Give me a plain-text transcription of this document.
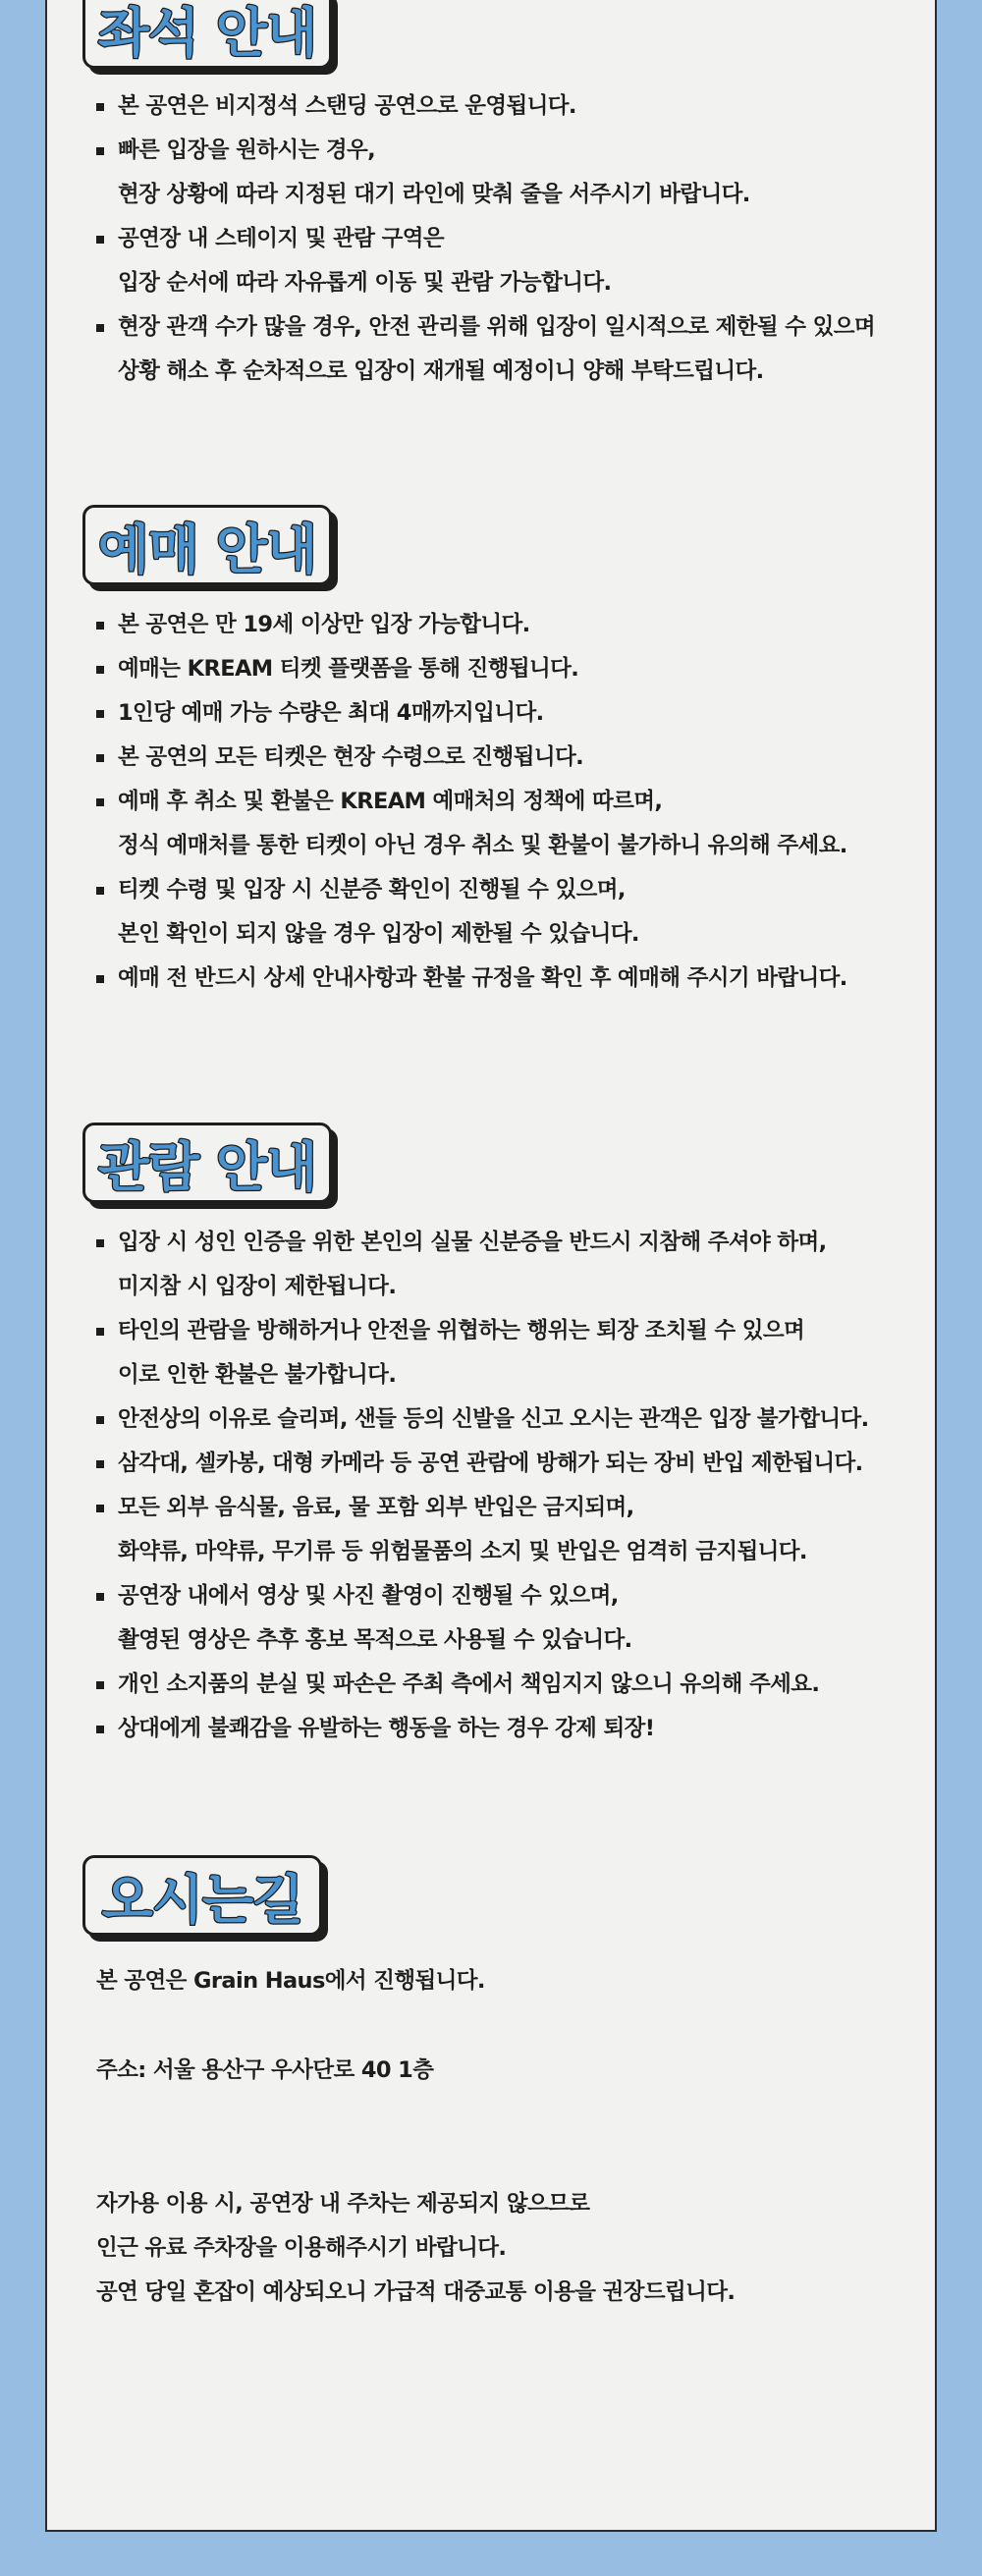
좌석 안내
본 공연은 비지정석 스탠딩 공연으로 운영됩니다.
빠른 입장을 원하시는 경우,
현장 상황에 따라 지정된 대기 라인에 맞춰 줄을 서주시기 바랍니다.
공연장 내 스테이지 및 관람 구역은
입장 순서에 따라 자유롭게 이동 및 관람 가능합니다.
현장 관객 수가 많을 경우, 안전 관리를 위해 입장이 일시적으로 제한될 수 있으며
상황 해소 후 순차적으로 입장이 재개될 예정이니 양해 부탁드립니다.
예매 안내
본 공연은 만 19세 이상만 입장 가능합니다.
예매는 KREAM 티켓 플랫폼을 통해 진행됩니다.
1인당 예매 가능 수량은 최대 4매까지입니다.
본 공연의 모든 티켓은 현장 수령으로 진행됩니다.
예매 후 취소 및 환불은 KREAM 예매처의 정책에 따르며,
정식 예매처를 통한 티켓이 아닌 경우 취소 및 환불이 불가하니 유의해 주세요.
티켓 수령 및 입장 시 신분증 확인이 진행될 수 있으며,
본인 확인이 되지 않을 경우 입장이 제한될 수 있습니다.
예매 전 반드시 상세 안내사항과 환불 규정을 확인 후 예매해 주시기 바랍니다.
관람 안내
입장 시 성인 인증을 위한 본인의 실물 신분증을 반드시 지참해 주셔야 하며,
미지참 시 입장이 제한됩니다.
타인의 관람을 방해하거나 안전을 위협하는 행위는 퇴장 조치될 수 있으며
이로 인한 환불은 불가합니다.
안전상의 이유로 슬리퍼, 샌들 등의 신발을 신고 오시는 관객은 입장 불가합니다.
삼각대, 셀카봉, 대형 카메라 등 공연 관람에 방해가 되는 장비 반입 제한됩니다.
모든 외부 음식물, 음료, 물 포함 외부 반입은 금지되며,
화약류, 마약류, 무기류 등 위험물품의 소지 및 반입은 엄격히 금지됩니다.
공연장 내에서 영상 및 사진 촬영이 진행될 수 있으며,
촬영된 영상은 추후 홍보 목적으로 사용될 수 있습니다.
개인 소지품의 분실 및 파손은 주최 측에서 책임지지 않으니 유의해 주세요.
상대에게 불쾌감을 유발하는 행동을 하는 경우 강제 퇴장!
오시는길
본 공연은 Grain Haus에서 진행됩니다.
주소: 서울 용산구 우사단로 40 1층
자가용 이용 시, 공연장 내 주차는 제공되지 않으므로
인근 유료 주차장을 이용해주시기 바랍니다.
공연 당일 혼잡이 예상되오니 가급적 대중교통 이용을 권장드립니다.
